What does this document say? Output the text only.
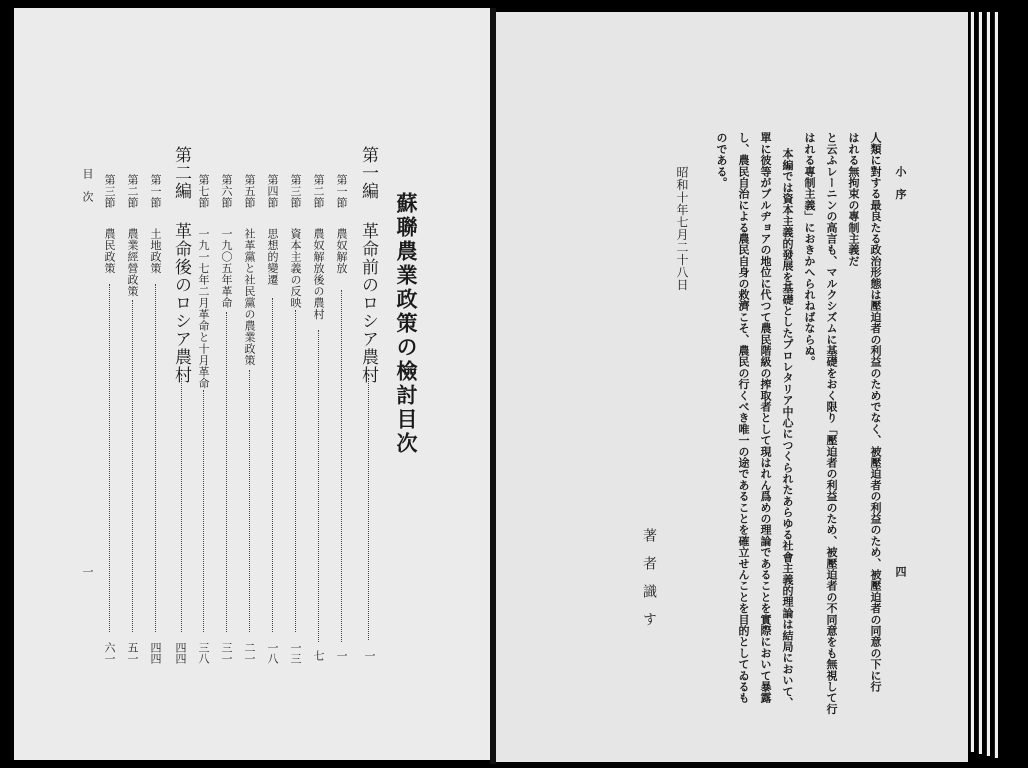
蘇聯農業政策の檢討目次
第一編
革命前のロシア農村
一
第一節
農奴解放
一
第二節
農奴解放後の農村
七
第三節
資本主義の反映
一三
第四節
思想的變遷
一八
第五節
社革黨と社民黨の農業政策
二一
第六節
一九〇五年革命
三一
第七節
一九一七年二月革命と十月革命
三八
第二編
革命後のロシア農村
四四
第一節
土地政策
四四
第二節
農業經營政策
五一
第三節
農民政策
六一
目　次
一
小　序
四
人類に對する最良たる政治形態は壓迫者の利益のためでなく、被壓迫者の利益のため、被壓迫者の同意の下に行
はれる無拘束の專制主義だ
と云ふレーニンの高言も、マルクシズムに基礎をおく限り「壓迫者の利益のため、被壓迫者の不同意をも無視して行
はれる專制主義」におきかへられねばならぬ。
本編では資本主義的發展を基礎としたプロレタリア中心につくられたあらゆる社會主義的理論は結局において、
單に彼等がブルヂョアの地位に代つて農民階級の搾取者として現はれん爲めの理論であることを實際において暴露
し、農民自治による農民自身の救濟こそ、農民の行くべき唯一の途であることを確立せんことを目的としてゐるも
のである。
昭和十年七月二十八日
著者識す
